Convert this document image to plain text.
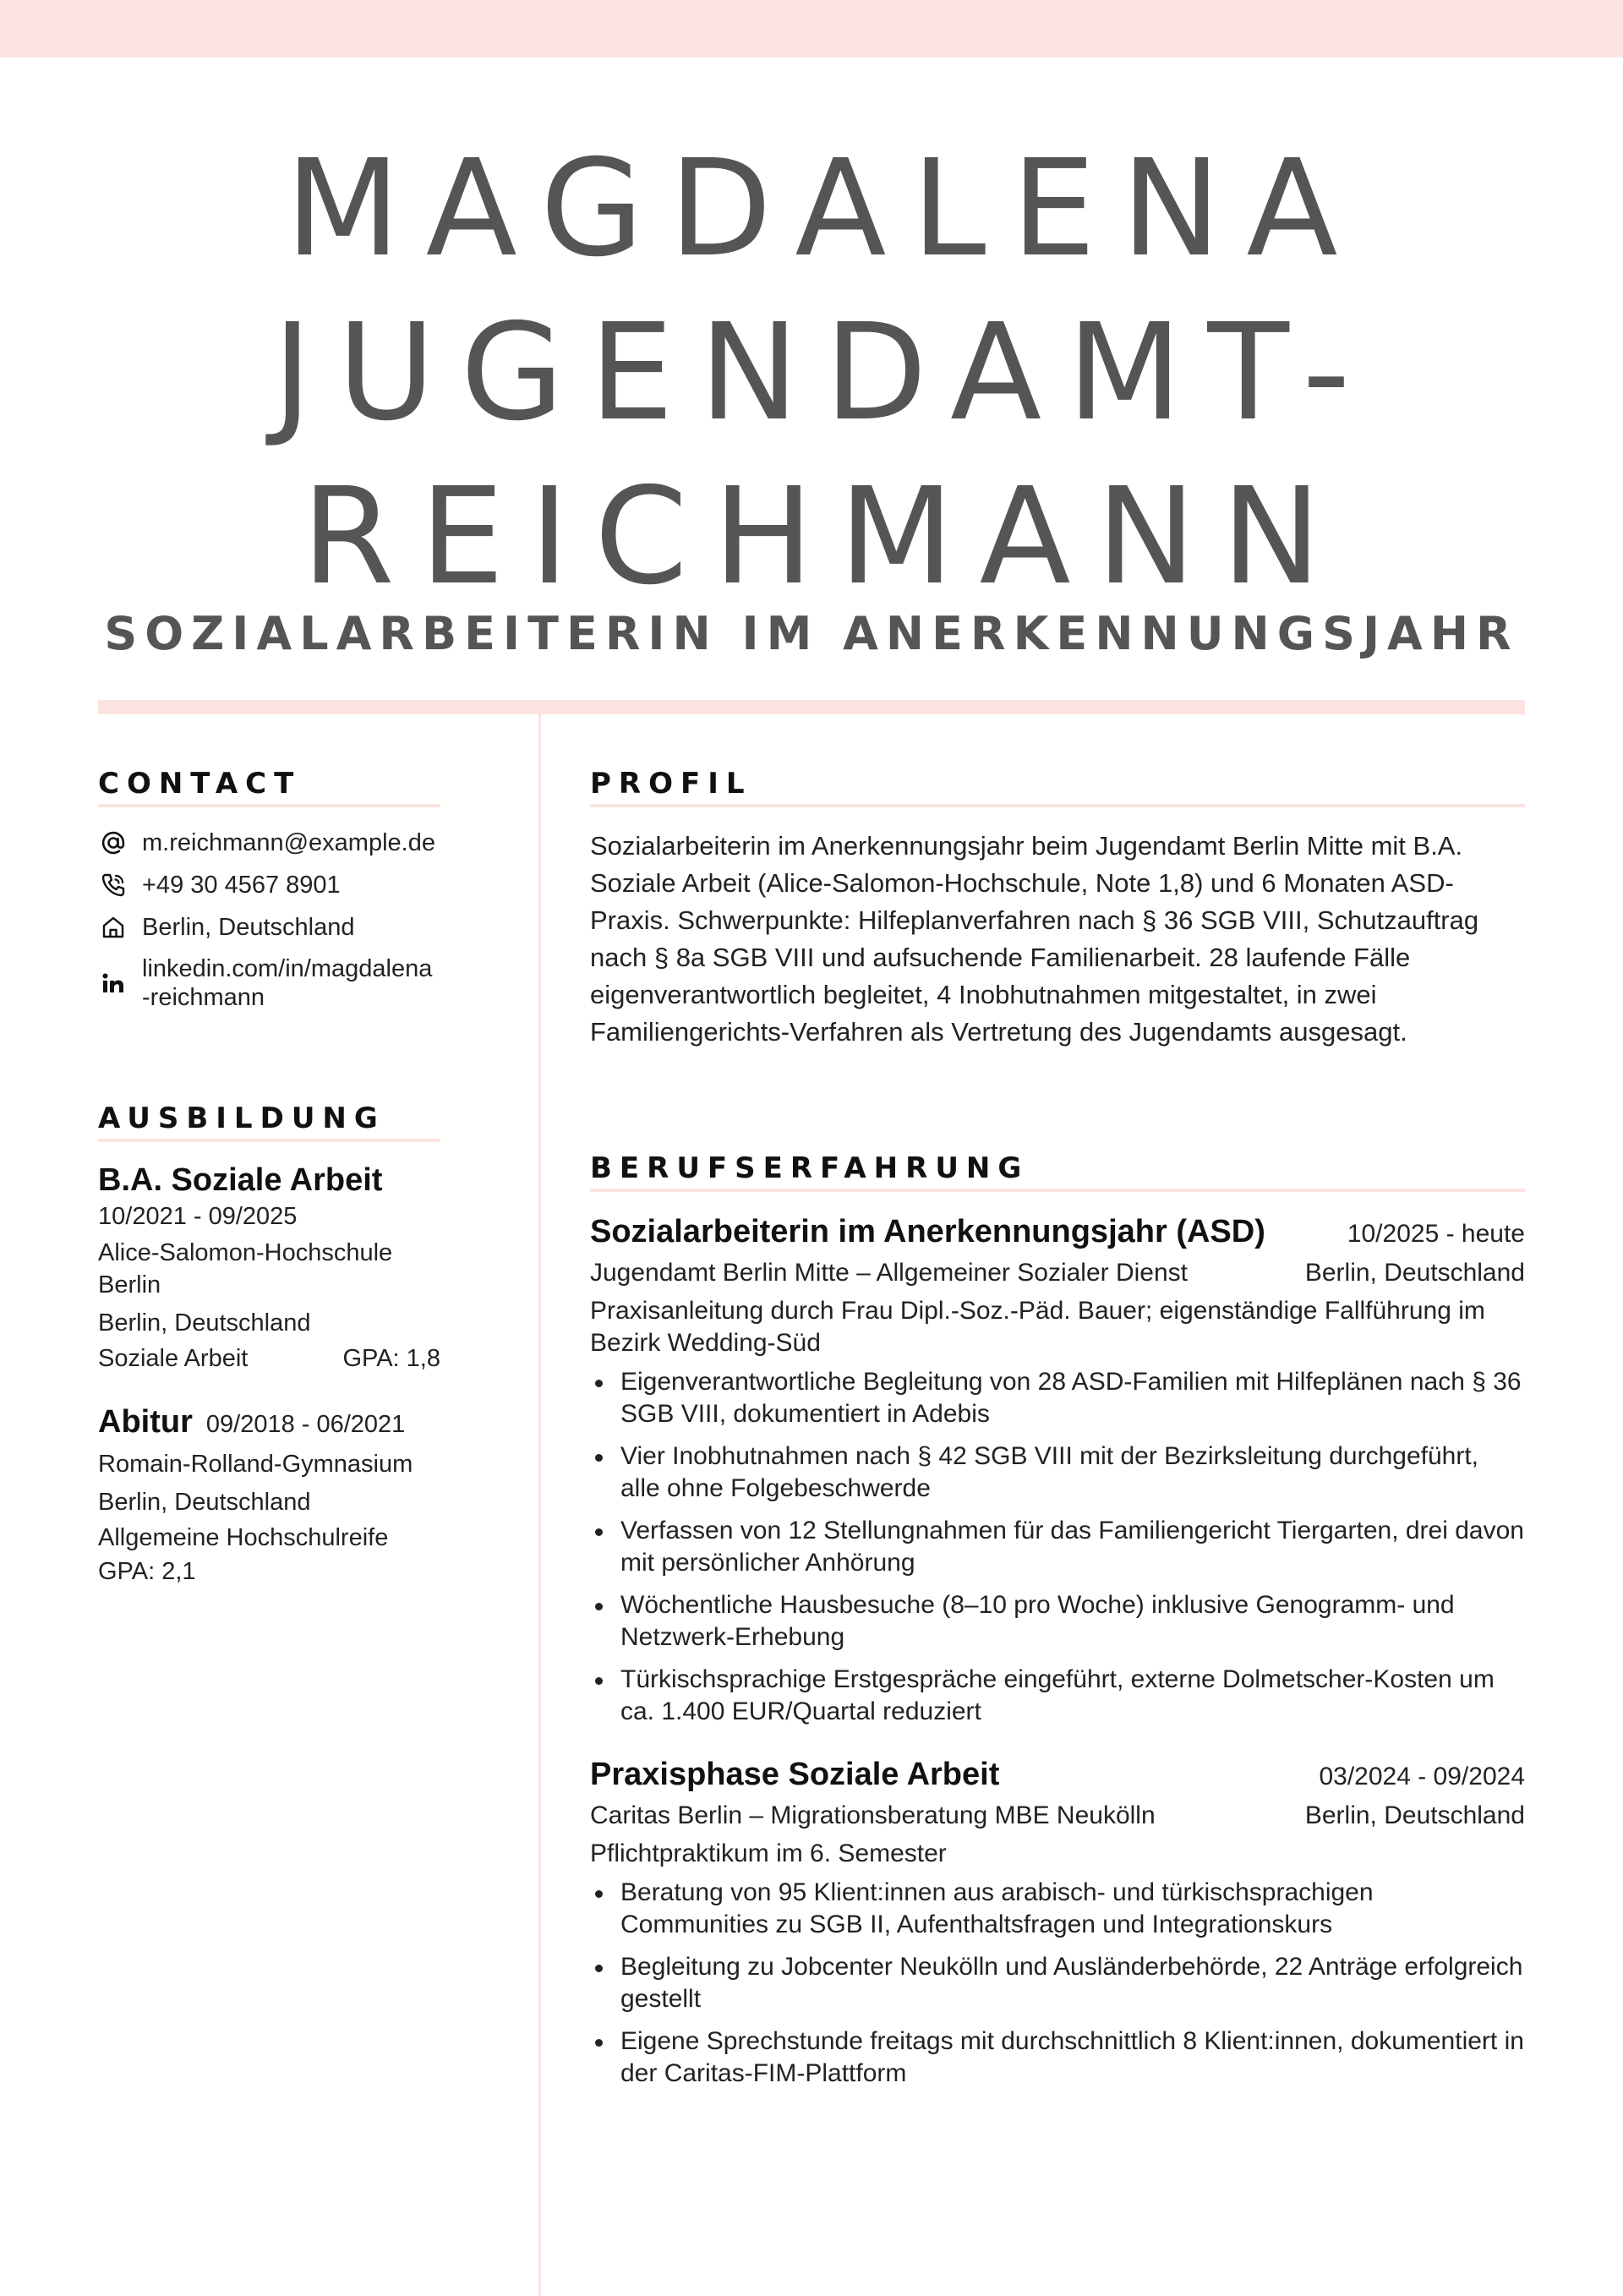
MAGDALENA
JUGENDAMT-
REICHMANN
SOZIALARBEITERIN IM ANERKENNUNGSJAHR
CONTACT
m.reichmann@example.de
+49 30 4567 8901
Berlin, Deutschland
linkedin.com/in/magdalena-reichmann
AUSBILDUNG
B.A. Soziale Arbeit
10/2021 - 09/2025
Alice-Salomon-Hochschule Berlin
Berlin, Deutschland
Soziale Arbeit	GPA: 1,8
Abitur 09/2018 - 06/2021
Romain-Rolland-Gymnasium
Berlin, Deutschland
Allgemeine Hochschulreife
GPA: 2,1
PROFIL
Sozialarbeiterin im Anerkennungsjahr beim Jugendamt Berlin Mitte mit B.A. Soziale Arbeit (Alice-Salomon-Hochschule, Note 1,8) und 6 Monaten ASD-Praxis. Schwerpunkte: Hilfeplanverfahren nach § 36 SGB VIII, Schutzauftrag nach § 8a SGB VIII und aufsuchende Familienarbeit. 28 laufende Fälle eigenverantwortlich begleitet, 4 Inobhutnahmen mitgestaltet, in zwei Familiengerichts-Verfahren als Vertretung des Jugendamts ausgesagt.
BERUFSERFAHRUNG
Sozialarbeiterin im Anerkennungsjahr (ASD)	10/2025 - heute
Jugendamt Berlin Mitte – Allgemeiner Sozialer Dienst	Berlin, Deutschland
Praxisanleitung durch Frau Dipl.-Soz.-Päd. Bauer; eigenständige Fallführung im Bezirk Wedding-Süd
Eigenverantwortliche Begleitung von 28 ASD-Familien mit Hilfeplänen nach § 36 SGB VIII, dokumentiert in Adebis
Vier Inobhutnahmen nach § 42 SGB VIII mit der Bezirksleitung durchgeführt, alle ohne Folgebeschwerde
Verfassen von 12 Stellungnahmen für das Familiengericht Tiergarten, drei davon mit persönlicher Anhörung
Wöchentliche Hausbesuche (8–10 pro Woche) inklusive Genogramm- und Netzwerk-Erhebung
Türkischsprachige Erstgespräche eingeführt, externe Dolmetscher-Kosten um ca. 1.400 EUR/Quartal reduziert
Praxisphase Soziale Arbeit	03/2024 - 09/2024
Caritas Berlin – Migrationsberatung MBE Neukölln	Berlin, Deutschland
Pflichtpraktikum im 6. Semester
Beratung von 95 Klient:innen aus arabisch- und türkischsprachigen Communities zu SGB II, Aufenthaltsfragen und Integrationskurs
Begleitung zu Jobcenter Neukölln und Ausländerbehörde, 22 Anträge erfolgreich gestellt
Eigene Sprechstunde freitags mit durchschnittlich 8 Klient:innen, dokumentiert in der Caritas-FIM-Plattform
